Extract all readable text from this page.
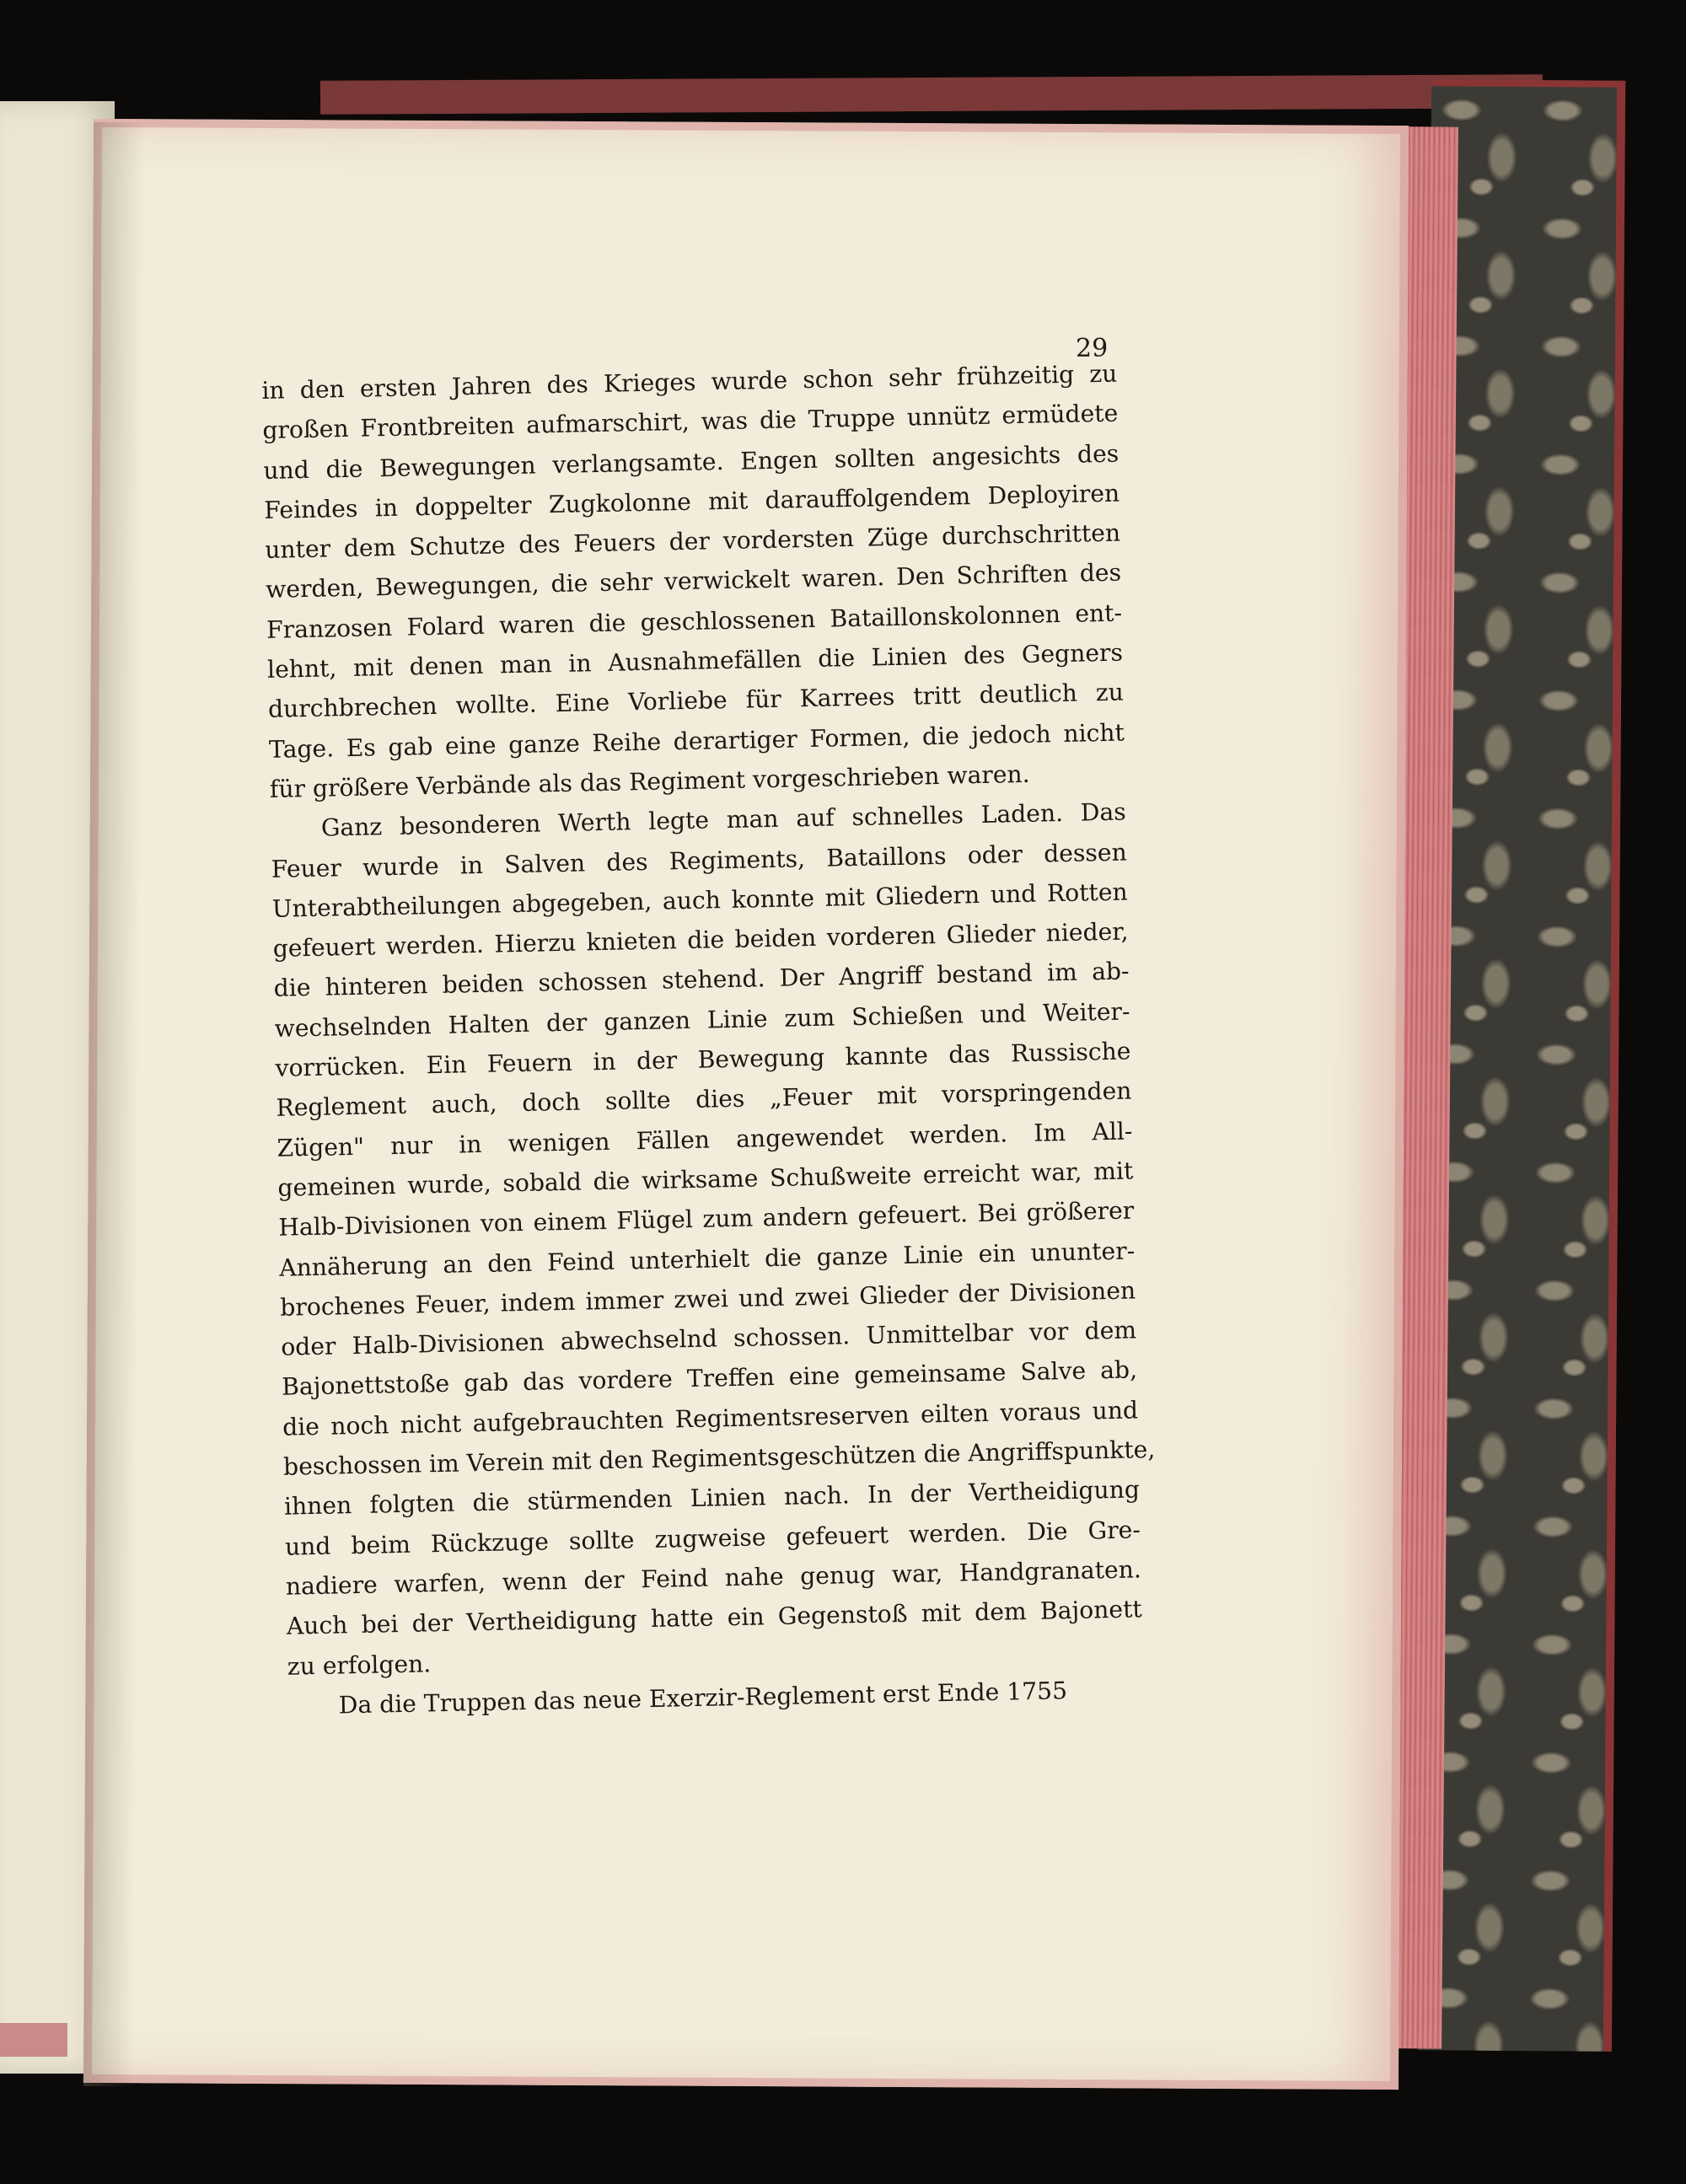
29
in den ersten Jahren des Krieges wurde schon sehr frühzeitig zu
großen Frontbreiten aufmarschirt, was die Truppe unnütz ermüdete
und die Bewegungen verlangsamte. Engen sollten angesichts des
Feindes in doppelter Zugkolonne mit darauffolgendem Deployiren
unter dem Schutze des Feuers der vordersten Züge durchschritten
werden, Bewegungen, die sehr verwickelt waren. Den Schriften des
Franzosen Folard waren die geschlossenen Bataillonskolonnen ent-
lehnt, mit denen man in Ausnahmefällen die Linien des Gegners
durchbrechen wollte. Eine Vorliebe für Karrees tritt deutlich zu
Tage. Es gab eine ganze Reihe derartiger Formen, die jedoch nicht
für größere Verbände als das Regiment vorgeschrieben waren.
Ganz besonderen Werth legte man auf schnelles Laden. Das
Feuer wurde in Salven des Regiments, Bataillons oder dessen
Unterabtheilungen abgegeben, auch konnte mit Gliedern und Rotten
gefeuert werden. Hierzu knieten die beiden vorderen Glieder nieder,
die hinteren beiden schossen stehend. Der Angriff bestand im ab-
wechselnden Halten der ganzen Linie zum Schießen und Weiter-
vorrücken. Ein Feuern in der Bewegung kannte das Russische
Reglement auch, doch sollte dies „Feuer mit vorspringenden
Zügen" nur in wenigen Fällen angewendet werden. Im All-
gemeinen wurde, sobald die wirksame Schußweite erreicht war, mit
Halb-Divisionen von einem Flügel zum andern gefeuert. Bei größerer
Annäherung an den Feind unterhielt die ganze Linie ein ununter-
brochenes Feuer, indem immer zwei und zwei Glieder der Divisionen
oder Halb-Divisionen abwechselnd schossen. Unmittelbar vor dem
Bajonettstoße gab das vordere Treffen eine gemeinsame Salve ab,
die noch nicht aufgebrauchten Regimentsreserven eilten voraus und
beschossen im Verein mit den Regimentsgeschützen die Angriffspunkte,
ihnen folgten die stürmenden Linien nach. In der Vertheidigung
und beim Rückzuge sollte zugweise gefeuert werden. Die Gre-
nadiere warfen, wenn der Feind nahe genug war, Handgranaten.
Auch bei der Vertheidigung hatte ein Gegenstoß mit dem Bajonett
zu erfolgen.
Da die Truppen das neue Exerzir-Reglement erst Ende 1755
